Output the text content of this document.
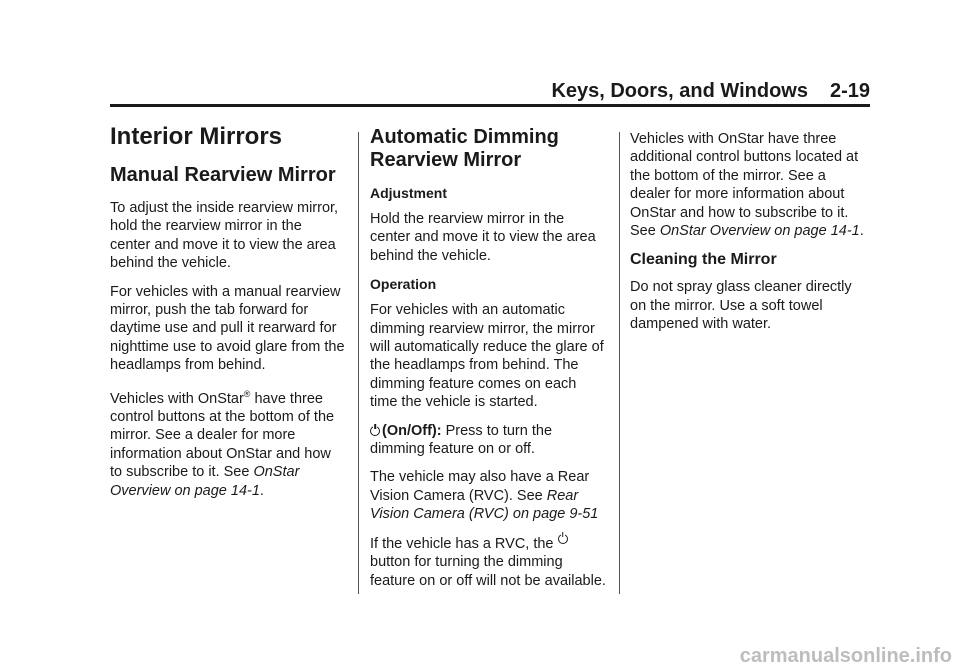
Keys, Doors, and Windows 2-19
Interior Mirrors
Manual Rearview Mirror

To adjust the inside rearview mirror, hold the rearview mirror in the center and move it to view the area behind the vehicle.

For vehicles with a manual rearview mirror, push the tab forward for daytime use and pull it rearward for nighttime use to avoid glare from the headlamps from behind.

Vehicles with OnStar® have three control buttons at the bottom of the mirror. See a dealer for more information about OnStar and how to subscribe to it. See OnStar Overview on page 14-1.

Automatic Dimming Rearview Mirror
Adjustment

Hold the rearview mirror in the center and move it to view the area behind the vehicle.

Operation

For vehicles with an automatic dimming rearview mirror, the mirror will automatically reduce the glare of the headlamps from behind. The dimming feature comes on each time the vehicle is started.

(On/Off): Press to turn the dimming feature on or off.

The vehicle may also have a Rear Vision Camera (RVC). See Rear Vision Camera (RVC) on page 9-51

If the vehicle has a RVC, the
button for turning the dimming feature on or off will not be available.

Vehicles with OnStar have three additional control buttons located at the bottom of the mirror. See a dealer for more information about OnStar and how to subscribe to it. See OnStar Overview on page 14-1.

Cleaning the Mirror

Do not spray glass cleaner directly on the mirror. Use a soft towel dampened with water.

carmanualsonline.info
